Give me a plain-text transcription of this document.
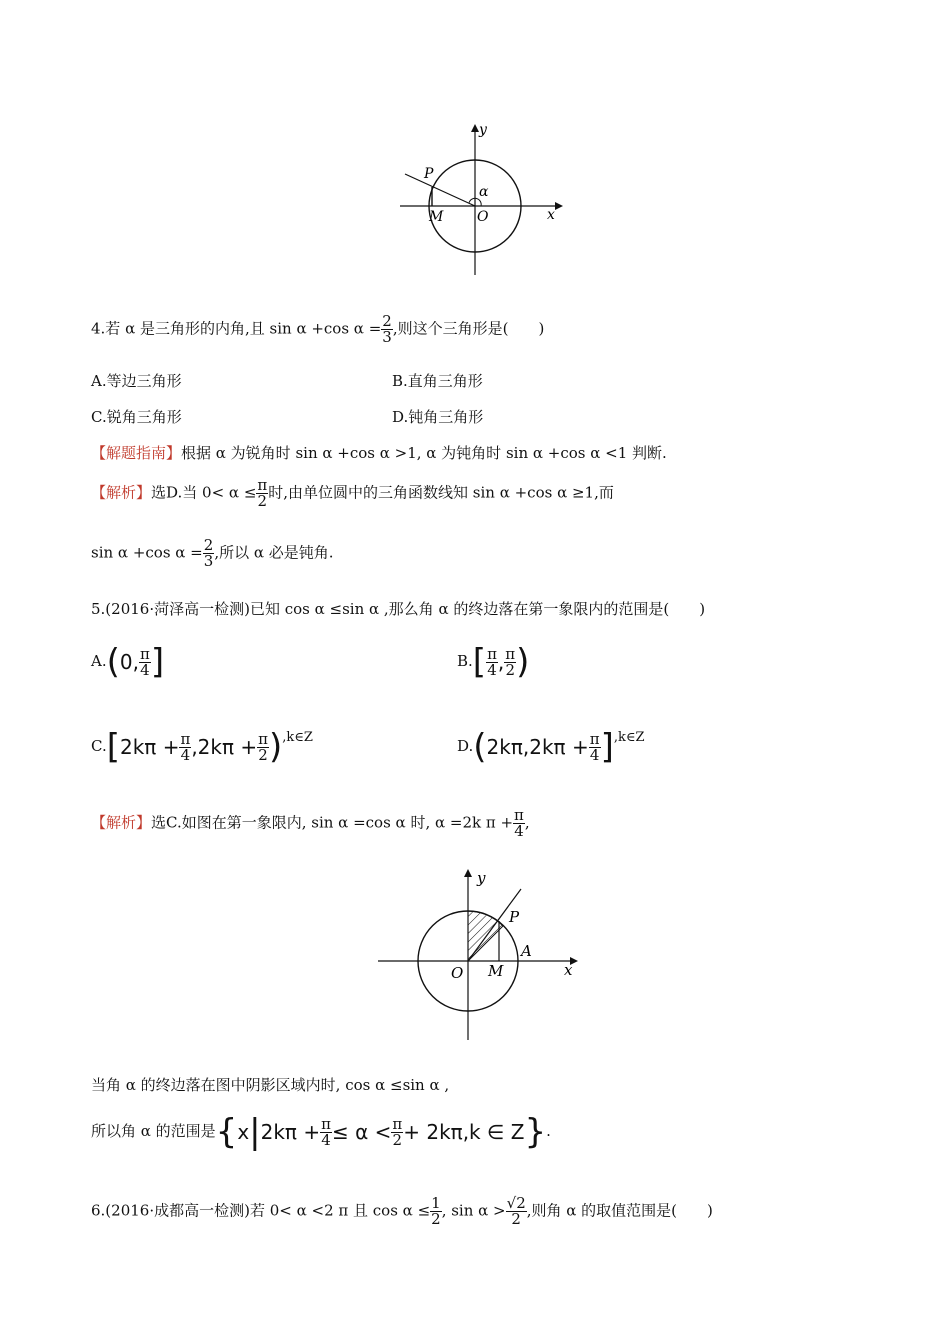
y
x
P
α
M O
4.若 α 是三角形的内角,且 sin α +cos $\alpha = \frac{2}{3}$ ,则这个三角形是(　　)
A.等边三角形	B.直角三角形
C.锐角三角形	D.钝角三角形
【解题指南】根据 α 为锐角时 sin α +cos α >1, α 为钝角时 sin α +cos α <1 判断.
【解析】选D.当 $0< \alpha \le \frac{\pi}{2}$ 时,由单位圆中的三角函数线知 sin α +cos α ≥1,而
sin α +cos $\alpha = \frac{2}{3}$ ,所以 α 必是钝角.
5.(2016·菏泽高一检测)已知 cos α ≤sin α ,那么角 α 的终边落在第一象限内的范围是(　　)
A.(0, $\frac{\pi}{4}$ ]	$B.[ \frac{\pi}{4}$ , $\frac{\pi}{2}$ )
$C.[2k\pi + \frac{\pi}{4} ,2k\pi + \frac{\pi}{2}$ ),k∈Z	$D.(2k\pi,2k\pi + \frac{\pi}{4}$ ],k∈Z
【解析】选C.如图在第一象限内, sin α =cos α 时, α =2k $\pi + \frac{\pi}{4}$ ,
y
x
P
A
M
O
当角 α 的终边落在图中阴影区域内时, cos α ≤sin α ,
所以角 α 的范围是{$x|2k\pi + \frac{\pi}{4} \le \alpha < \frac{\pi}{2} + 2k\pi,k$ ∈ Z}.
6.(2016·成都高一检测)若 0< α <2 π 且 $\cos \alpha \le \frac{1}{2}$ , $\sin \alpha > \frac{√2}{2}$ ,则角 α 的取值范围是(　　)
